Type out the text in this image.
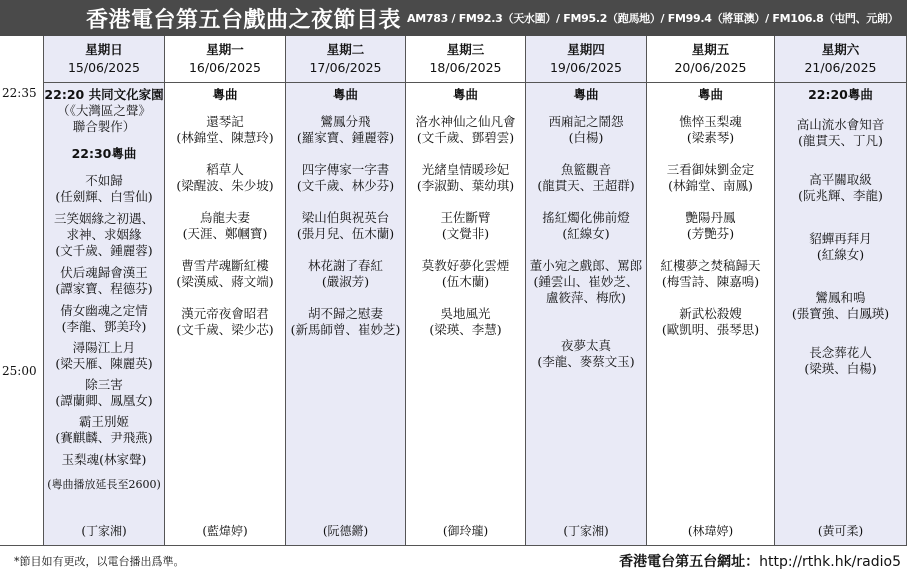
香港電台第五台戲曲之夜節目表 AM783 / FM92.3（天水圍）/ FM95.2（跑馬地）/ FM99.4（將軍澳）/ FM106.8（屯門、元朗）
22:35
25:00
星期日
15/06/2025
22:20 共同文化家園
（《大灣區之聲》
聯合製作）
22:30粵曲
不如歸
(任劍輝、白雪仙)
三笑姻緣之初遇、
求神、求姻緣
(文千歲、鍾麗蓉)
伏后魂歸會漢王
(譚家寶、程德芬)
倩女幽魂之定情
(李龍、鄧美玲)
潯陽江上月
(梁天雁、陳麗英)
除三害
(譚蘭卿、鳳凰女)
霸王別姬
(賽麒麟、尹飛燕)
玉梨魂(林家聲)
(粵曲播放延長至2600)
(丁家湘)
星期一
16/06/2025
粵曲
還琴記
(林錦堂、陳慧玲)
稻草人
(梁醒波、朱少坡)
烏龍夫妻
(天涯、鄭幗寶)
曹雪芹魂斷紅樓
(梁漢威、蔣文端)
漢元帝夜會昭君
(文千歲、梁少芯)
(藍煒婷)
星期二
17/06/2025
粵曲
鸞鳳分飛
(羅家寶、鍾麗蓉)
四字傳家一字書
(文千歲、林少芬)
梁山伯與祝英台
(張月兒、伍木蘭)
林花謝了春紅
(嚴淑芳)
胡不歸之慰妻
(新馬師曾、崔妙芝)
(阮德鏘)
星期三
18/06/2025
粵曲
洛水神仙之仙凡會
(文千歲、鄧碧雲)
光緒皇情暖珍妃
(李淑勤、葉幼琪)
王佐斷臂
(文覺非)
莫教好夢化雲煙
(伍木蘭)
吳地風光
(梁瑛、李慧)
(御玲瓏)
星期四
19/06/2025
粵曲
西廂記之鬧怨
(白楊)
魚籃觀音
(龍貫天、王超群)
搖紅燭化佛前燈
(紅線女)
董小宛之戲郎、罵郎
(鍾雲山、崔妙芝、
盧筱萍、梅欣)
夜夢太真
(李龍、麥蔡文玉)
(丁家湘)
星期五
20/06/2025
粵曲
憔悴玉梨魂
(梁素琴)
三看御妹劉金定
(林錦堂、南鳳)
艷陽丹鳳
(芳艷芬)
紅樓夢之焚稿歸天
(梅雪詩、陳嘉鳴)
新武松殺嫂
(歐凱明、張琴思)
(林瑋婷)
星期六
21/06/2025
22:20粵曲
高山流水會知音
(龍貫天、丁凡)
高平關取級
(阮兆輝、李龍)
貂蟬再拜月
(紅線女)
鸞鳳和鳴
(張寶強、白鳳瑛)
長念葬花人
(梁瑛、白楊)
(黃可柔)
*節目如有更改，以電台播出爲準。	香港電台第五台網址：http://rthk.hk/radio5
